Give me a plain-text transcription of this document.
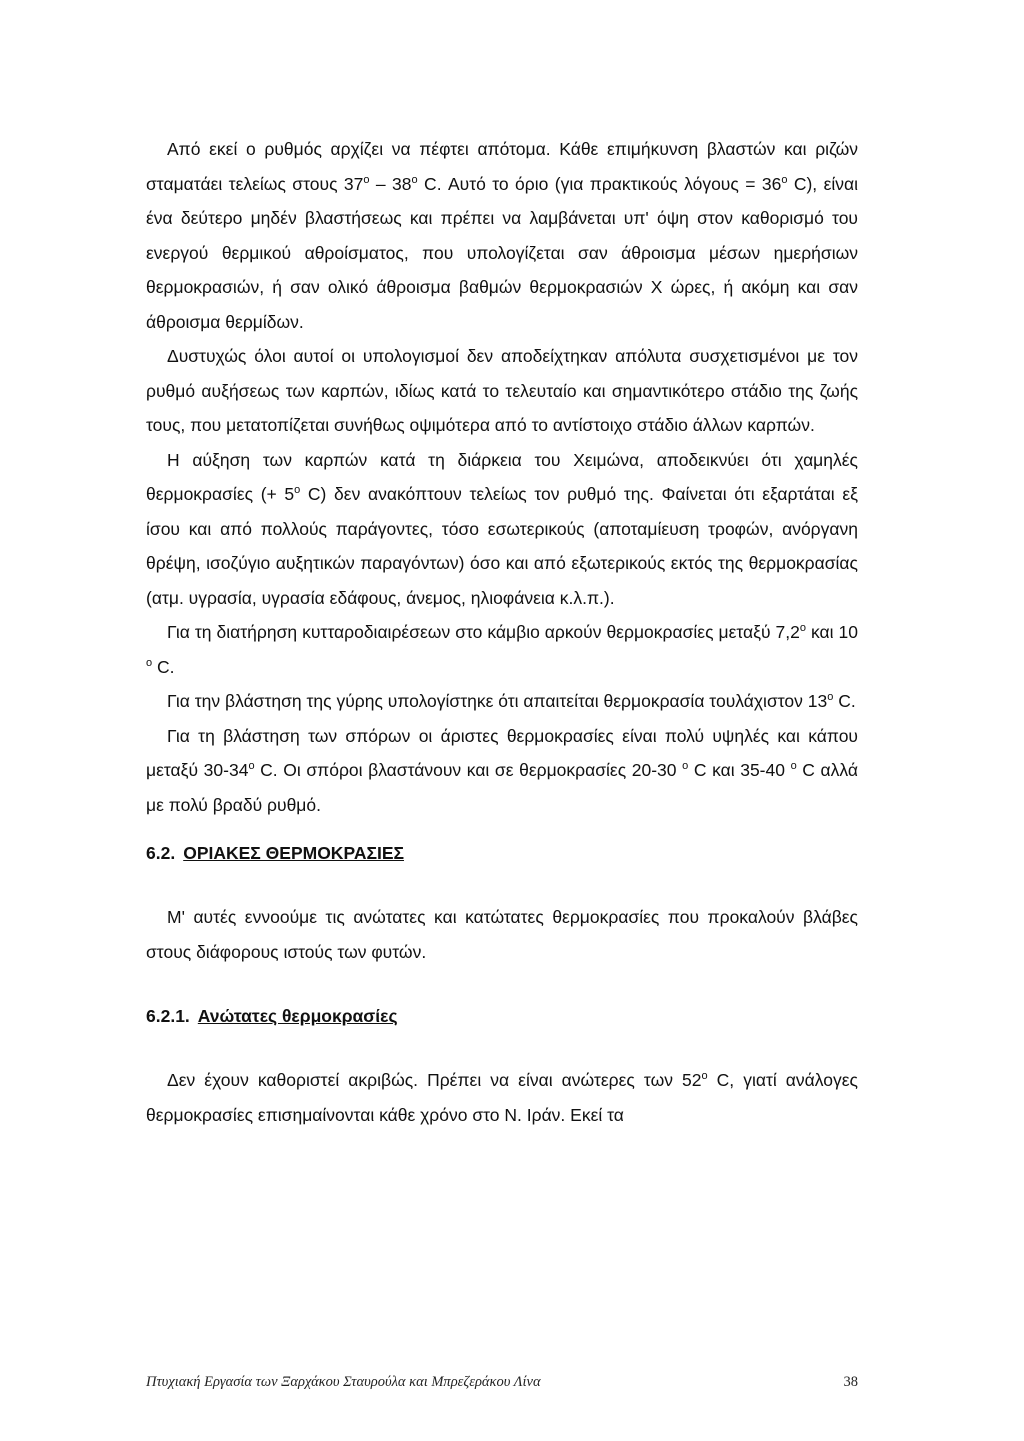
Από εκεί ο ρυθμός αρχίζει να πέφτει απότομα. Κάθε επιμήκυνση βλαστών και ριζών σταματάει τελείως στους 37$^o$ – 38$^o$ C. Αυτό το όριο (για πρακτικούς $\lambda ό\gamma o\upsilon\varsigma = 36^o$ C), είναι ένα δεύτερο μηδέν βλαστήσεως και πρέπει να λαμβάνεται υπ' όψη στον καθορισμό του ενεργού θερμικού αθροίσματος, που υπολογίζεται σαν άθροισμα μέσων ημερήσιων θερμοκρασιών, ή σαν ολικό άθροισμα βαθμών θερμοκρασιών Χ ώρες, ή ακόμη και σαν άθροισμα θερμίδων.

Δυστυχώς όλοι αυτοί οι υπολογισμοί δεν αποδείχτηκαν απόλυτα συσχετισμένοι με τον ρυθμό αυξήσεως των καρπών, ιδίως κατά το τελευταίο και σημαντικότερο στάδιο της ζωής τους, που μετατοπίζεται συνήθως οψιμότερα από το αντίστοιχο στάδιο άλλων καρπών.

Η αύξηση των καρπών κατά τη διάρκεια του Χειμώνα, αποδεικνύει ότι χαμηλές θερμοκρασίες (+ $5^o$ C) δεν ανακόπτουν τελείως τον ρυθμό της. Φαίνεται ότι εξαρτάται εξ ίσου και από πολλούς παράγοντες, τόσο εσωτερικούς (αποταμίευση τροφών, ανόργανη θρέψη, ισοζύγιο αυξητικών παραγόντων) όσο και από εξωτερικούς εκτός της θερμοκρασίας (ατμ. υγρασία, υγρασία εδάφους, άνεμος, ηλιοφάνεια κ.λ.π.).

Για τη διατήρηση κυτταροδιαιρέσεων στο κάμβιο αρκούν θερμοκρασίες μεταξύ 7,2$^o$ και 10 $^o$ C.

Για την βλάστηση της γύρης υπολογίστηκε ότι απαιτείται θερμοκρασία τουλάχιστον 13$^o$ C.

Για τη βλάστηση των σπόρων οι άριστες θερμοκρασίες είναι πολύ υψηλές και κάπου μεταξύ 30-34$^o$ C. Οι σπόροι βλαστάνουν και σε θερμοκρασίες 20-30 $^o$ C και 35-40 $^o$ C αλλά με πολύ βραδύ ρυθμό.

6.2. ΟΡΙΑΚΕΣ ΘΕΡΜΟΚΡΑΣΙΕΣ

Μ' αυτές εννοούμε τις ανώτατες και κατώτατες θερμοκρασίες που προκαλούν βλάβες στους διάφορους ιστούς των φυτών.

6.2.1. Ανώτατες θερμοκρασίες

Δεν έχουν καθοριστεί ακριβώς. Πρέπει να είναι ανώτερες των 52$^o$ C, γιατί ανάλογες θερμοκρασίες επισημαίνονται κάθε χρόνο στο Ν. Ιράν. Εκεί τα

Πτυχιακή Εργασία των Ξαρχάκου Σταυρούλα και Μπρεζεράκου Λίνα	38
